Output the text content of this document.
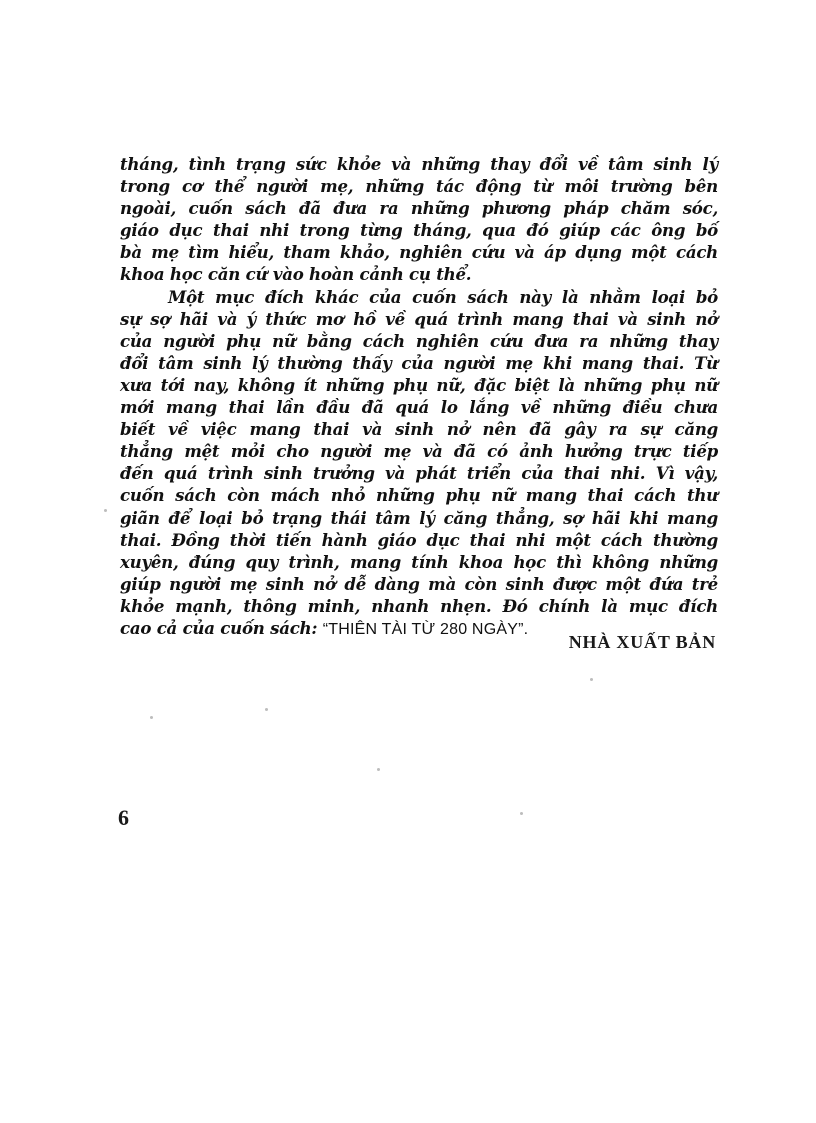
tháng, tình trạng sức khỏe và những thay đổi về tâm sinh lý
trong cơ thể người mẹ, những tác động từ môi trường bên
ngoài, cuốn sách đã đưa ra những phương pháp chăm sóc,
giáo dục thai nhi trong từng tháng, qua đó giúp các ông bố
bà mẹ tìm hiểu, tham khảo, nghiên cứu và áp dụng một cách
khoa học căn cứ vào hoàn cảnh cụ thể.
Một mục đích khác của cuốn sách này là nhằm loại bỏ
sự sợ hãi và ý thức mơ hồ về quá trình mang thai và sinh nở
của người phụ nữ bằng cách nghiên cứu đưa ra những thay
đổi tâm sinh lý thường thấy của người mẹ khi mang thai. Từ
xưa tới nay, không ít những phụ nữ, đặc biệt là những phụ nữ
mới mang thai lần đầu đã quá lo lắng về những điều chưa
biết về việc mang thai và sinh nở nên đã gây ra sự căng
thẳng mệt mỏi cho người mẹ và đã có ảnh hưởng trực tiếp
đến quá trình sinh trưởng và phát triển của thai nhi. Vì vậy,
cuốn sách còn mách nhỏ những phụ nữ mang thai cách thư
giãn để loại bỏ trạng thái tâm lý căng thẳng, sợ hãi khi mang
thai. Đồng thời tiến hành giáo dục thai nhi một cách thường
xuyên, đúng quy trình, mang tính khoa học thì không những
giúp người mẹ sinh nở dễ dàng mà còn sinh được một đứa trẻ
khỏe mạnh, thông minh, nhanh nhẹn. Đó chính là mục đích
cao cả của cuốn sách: “THIÊN TÀI TỪ 280 NGÀY”.
NHÀ XUẤT BẢN
6
